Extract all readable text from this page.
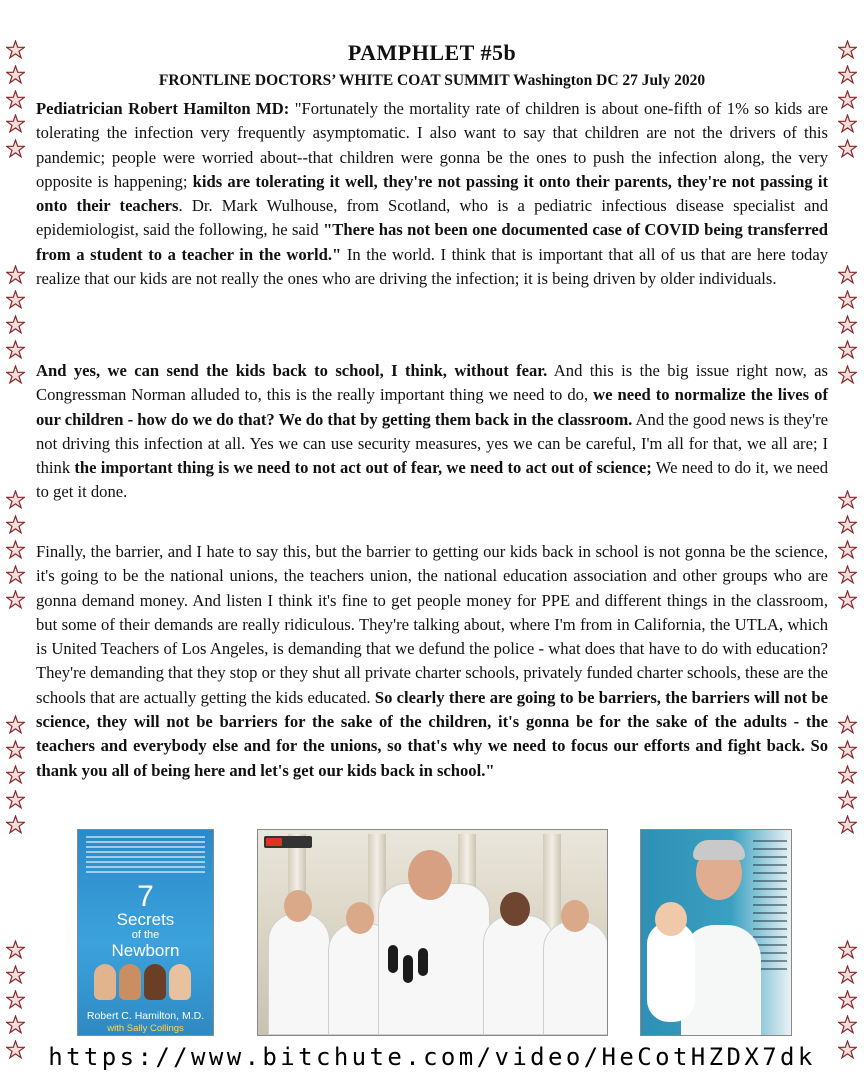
PAMPHLET #5b
FRONTLINE DOCTORS’ WHITE COAT SUMMIT Washington DC 27 July 2020
Pediatrician Robert Hamilton MD: "Fortunately the mortality rate of children is about one-fifth of 1% so kids are tolerating the infection very frequently asymptomatic. I also want to say that children are not the drivers of this pandemic; people were worried about--that children were gonna be the ones to push the infection along, the very opposite is happening; kids are tolerating it well, they're not passing it onto their parents, they're not passing it onto their teachers. Dr. Mark Wulhouse, from Scotland, who is a pediatric infectious disease specialist and epidemiologist, said the following, he said "There has not been one documented case of COVID being transferred from a student to a teacher in the world." In the world. I think that is important that all of us that are here today realize that our kids are not really the ones who are driving the infection; it is being driven by older individuals.
And yes, we can send the kids back to school, I think, without fear. And this is the big issue right now, as Congressman Norman alluded to, this is the really important thing we need to do, we need to normalize the lives of our children - how do we do that? We do that by getting them back in the classroom. And the good news is they're not driving this infection at all. Yes we can use security measures, yes we can be careful, I'm all for that, we all are; I think the important thing is we need to not act out of fear, we need to act out of science; We need to do it, we need to get it done.
Finally, the barrier, and I hate to say this, but the barrier to getting our kids back in school is not gonna be the science, it's going to be the national unions, the teachers union, the national education association and other groups who are gonna demand money. And listen I think it's fine to get people money for PPE and different things in the classroom, but some of their demands are really ridiculous. They're talking about, where I'm from in California, the UTLA, which is United Teachers of Los Angeles, is demanding that we defund the police - what does that have to do with education? They're demanding that they stop or they shut all private charter schools, privately funded charter schools, these are the schools that are actually getting the kids educated. So clearly there are going to be barriers, the barriers will not be science, they will not be barriers for the sake of the children, it's gonna be for the sake of the adults - the teachers and everybody else and for the unions, so that's why we need to focus our efforts and fight back. So thank you all of being here and let's get our kids back in school."
7
Secrets
of the
Newborn
Robert C. Hamilton, M.D.
with Sally Collings
https://www.bitchute.com/video/HeCotHZDX7dk
